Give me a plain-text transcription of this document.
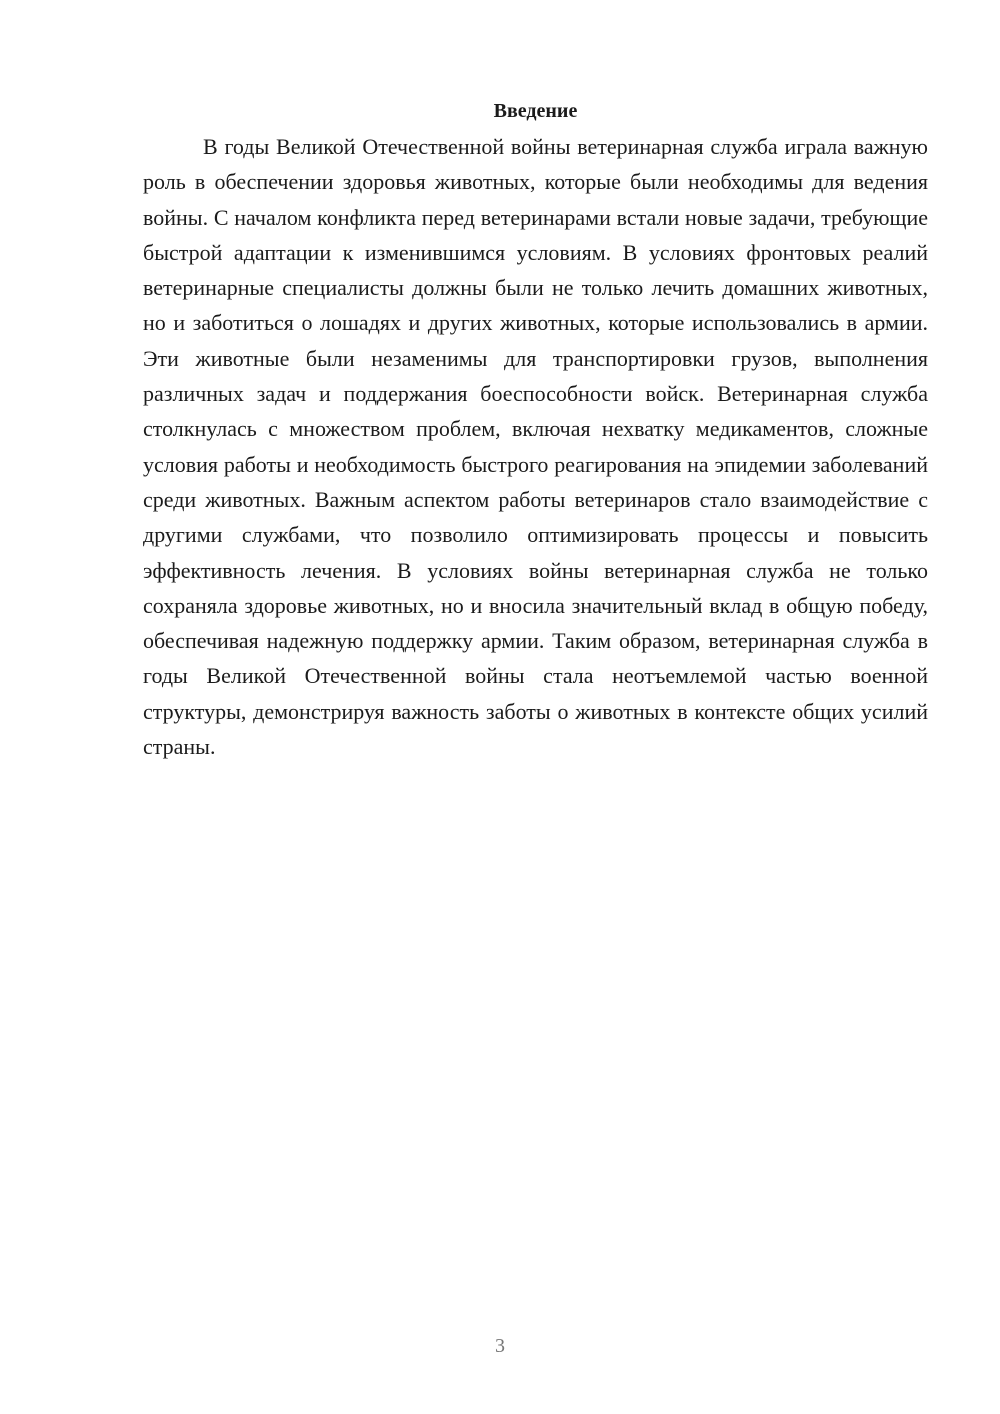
Введение

В годы Великой Отечественной войны ветеринарная служба играла важную роль в обеспечении здоровья животных, которые были необходимы для ведения войны. С началом конфликта перед ветеринарами встали новые задачи, требующие быстрой адаптации к изменившимся условиям. В условиях фронтовых реалий ветеринарные специалисты должны были не только лечить домашних животных, но и заботиться о лошадях и других животных, которые использовались в армии. Эти животные были незаменимы для транспортировки грузов, выполнения различных задач и поддержания боеспособности войск. Ветеринарная служба столкнулась с множеством проблем, включая нехватку медикаментов, сложные условия работы и необходимость быстрого реагирования на эпидемии заболеваний среди животных. Важным аспектом работы ветеринаров стало взаимодействие с другими службами, что позволило оптимизировать процессы и повысить эффективность лечения. В условиях войны ветеринарная служба не только сохраняла здоровье животных, но и вносила значительный вклад в общую победу, обеспечивая надежную поддержку армии. Таким образом, ветеринарная служба в годы Великой Отечественной войны стала неотъемлемой частью военной структуры, демонстрируя важность заботы о животных в контексте общих усилий страны.

3
